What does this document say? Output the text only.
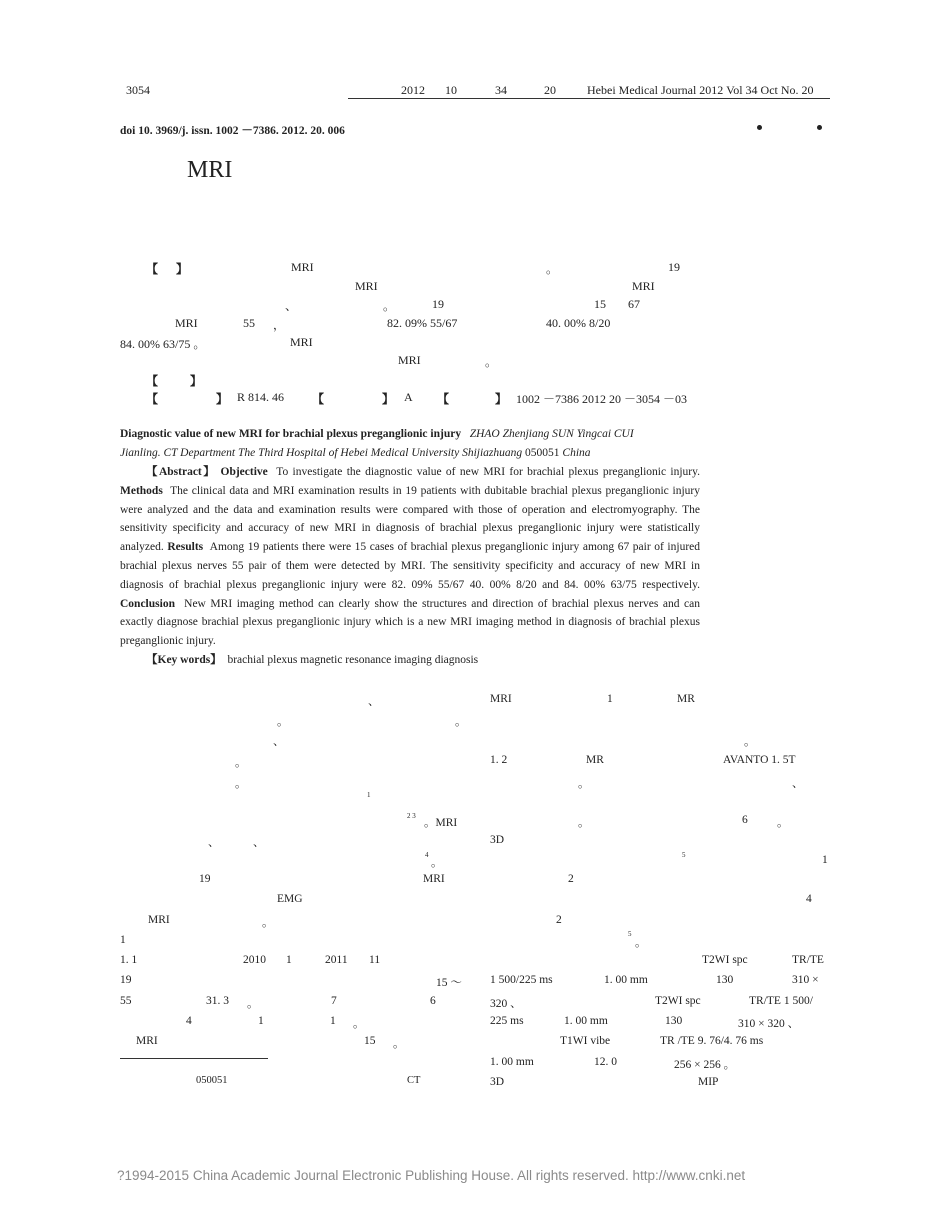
3054	2012 10	34	20	Hebei Medical Journal 2012 Vol 34 Oct No. 20
doi 10. 3969/j. issn. 1002 －7386. 2012. 20. 006
MRI
【 】	MRI	。	19
MRI	MRI
、	。	19	15 67
MRI	55 ，	82. 09% 55/67	40. 00% 8/20
84. 00% 63/75 。	MRI
MRI	。
【	】
【	】 R 814. 46 【	】 A 【	】 1002 －7386 2012 20 －3054 －03
Diagnostic value of new MRI for brachial plexus preganglionic injury ZHAO Zhenjiang SUN Yingcai CUI
Jianling. CT Department The Third Hospital of Hebei Medical University Shijiazhuang 050051 China
【Abstract】 Objective To investigate the diagnostic value of new MRI for brachial plexus preganglionic injury. Methods The clinical data and MRI examination results in 19 patients with dubitable brachial plexus preganglionic injury were analyzed and the data and examination results were compared with those of operation and electromyography. The sensitivity specificity and accuracy of new MRI in diagnosis of brachial plexus preganglionic injury were statistically analyzed. Results Among 19 patients there were 15 cases of brachial plexus preganglionic injury among 67 pair of injured brachial plexus nerves 55 pair of them were detected by MRI. The sensitivity specificity and accuracy of new MRI in diagnosis of brachial plexus preganglionic injury were 82. 09% 55/67 40. 00% 8/20 and 84. 00% 63/75 respectively. Conclusion New MRI imaging method can clearly show the structures and direction of brachial plexus nerves and can exactly diagnose brachial plexus preganglionic injury which is a new MRI imaging method in diagnosis of brachial plexus preganglionic injury.
【Key words】 brachial plexus magnetic resonance imaging diagnosis
、
。	。
、
。
。
1
2 3
。MRI
、	、
4
。
19	MRI
EMG
MRI	。
1
1. 1	2010 1	2011 11
19	15 ～
55	31. 3 。	7	6
4	1	1 。
MRI	15 。
050051	CT
MRI	1	MR
。
1. 2	MR	AVANTO 1. 5T
。	、
。	6	。
3D
5	1
2
4
2
5
。
T2WI spc	TR/TE
1 500/225 ms	1. 00 mm	130	310 ×
320 、	T2WI spc	TR/TE 1 500/
225 ms	1. 00 mm	130	310 × 320 、
T1WI vibe	TR /TE 9. 76/4. 76 ms
1. 00 mm	12. 0	256 × 256 。
3D	MIP
?1994-2015 China Academic Journal Electronic Publishing House. All rights reserved. http://www.cnki.net
